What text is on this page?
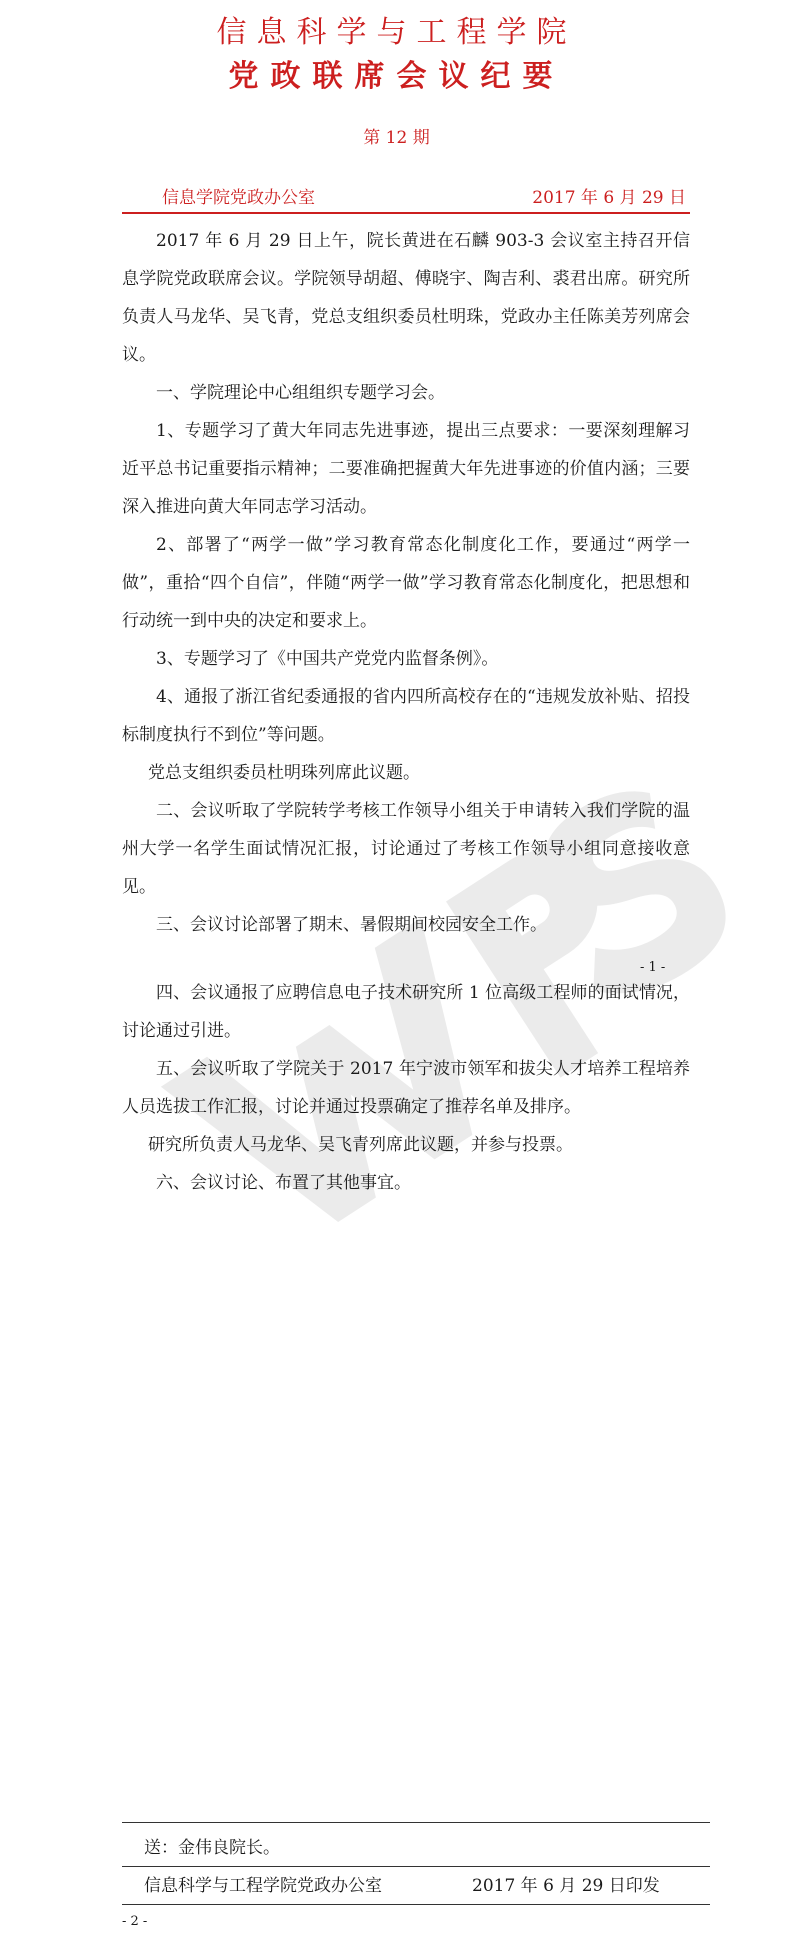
信息科学与工程学院
党政联席会议纪要
第 12 期
信息学院党政办公室	2017 年 6 月 29 日

2017 年 6 月 29 日上午，院长黄进在石麟 903-3 会议室主持召开信息学院党政联席会议。学院领导胡超、傅晓宇、陶吉利、裘君出席。研究所负责人马龙华、吴飞青，党总支组织委员杜明珠，党政办主任陈美芳列席会议。

一、学院理论中心组组织专题学习会。

1、专题学习了黄大年同志先进事迹，提出三点要求：一要深刻理解习近平总书记重要指示精神；二要准确把握黄大年先进事迹的价值内涵；三要深入推进向黄大年同志学习活动。

2、部署了“两学一做”学习教育常态化制度化工作，要通过“两学一做”，重拾“四个自信”，伴随“两学一做”学习教育常态化制度化，把思想和行动统一到中央的决定和要求上。

3、专题学习了《中国共产党党内监督条例》。

4、通报了浙江省纪委通报的省内四所高校存在的“违规发放补贴、招投标制度执行不到位”等问题。

党总支组织委员杜明珠列席此议题。

二、会议听取了学院转学考核工作领导小组关于申请转入我们学院的温州大学一名学生面试情况汇报，讨论通过了考核工作领导小组同意接收意见。

三、会议讨论部署了期末、暑假期间校园安全工作。

- 1 -

四、会议通报了应聘信息电子技术研究所 1 位高级工程师的面试情况，讨论通过引进。

五、会议听取了学院关于 2017 年宁波市领军和拔尖人才培养工程培养人员选拔工作汇报，讨论并通过投票确定了推荐名单及排序。

研究所负责人马龙华、吴飞青列席此议题，并参与投票。

六、会议讨论、布置了其他事宜。

送：金伟良院长。
信息科学与工程学院党政办公室	2017 年 6 月 29 日印发
- 2 -
